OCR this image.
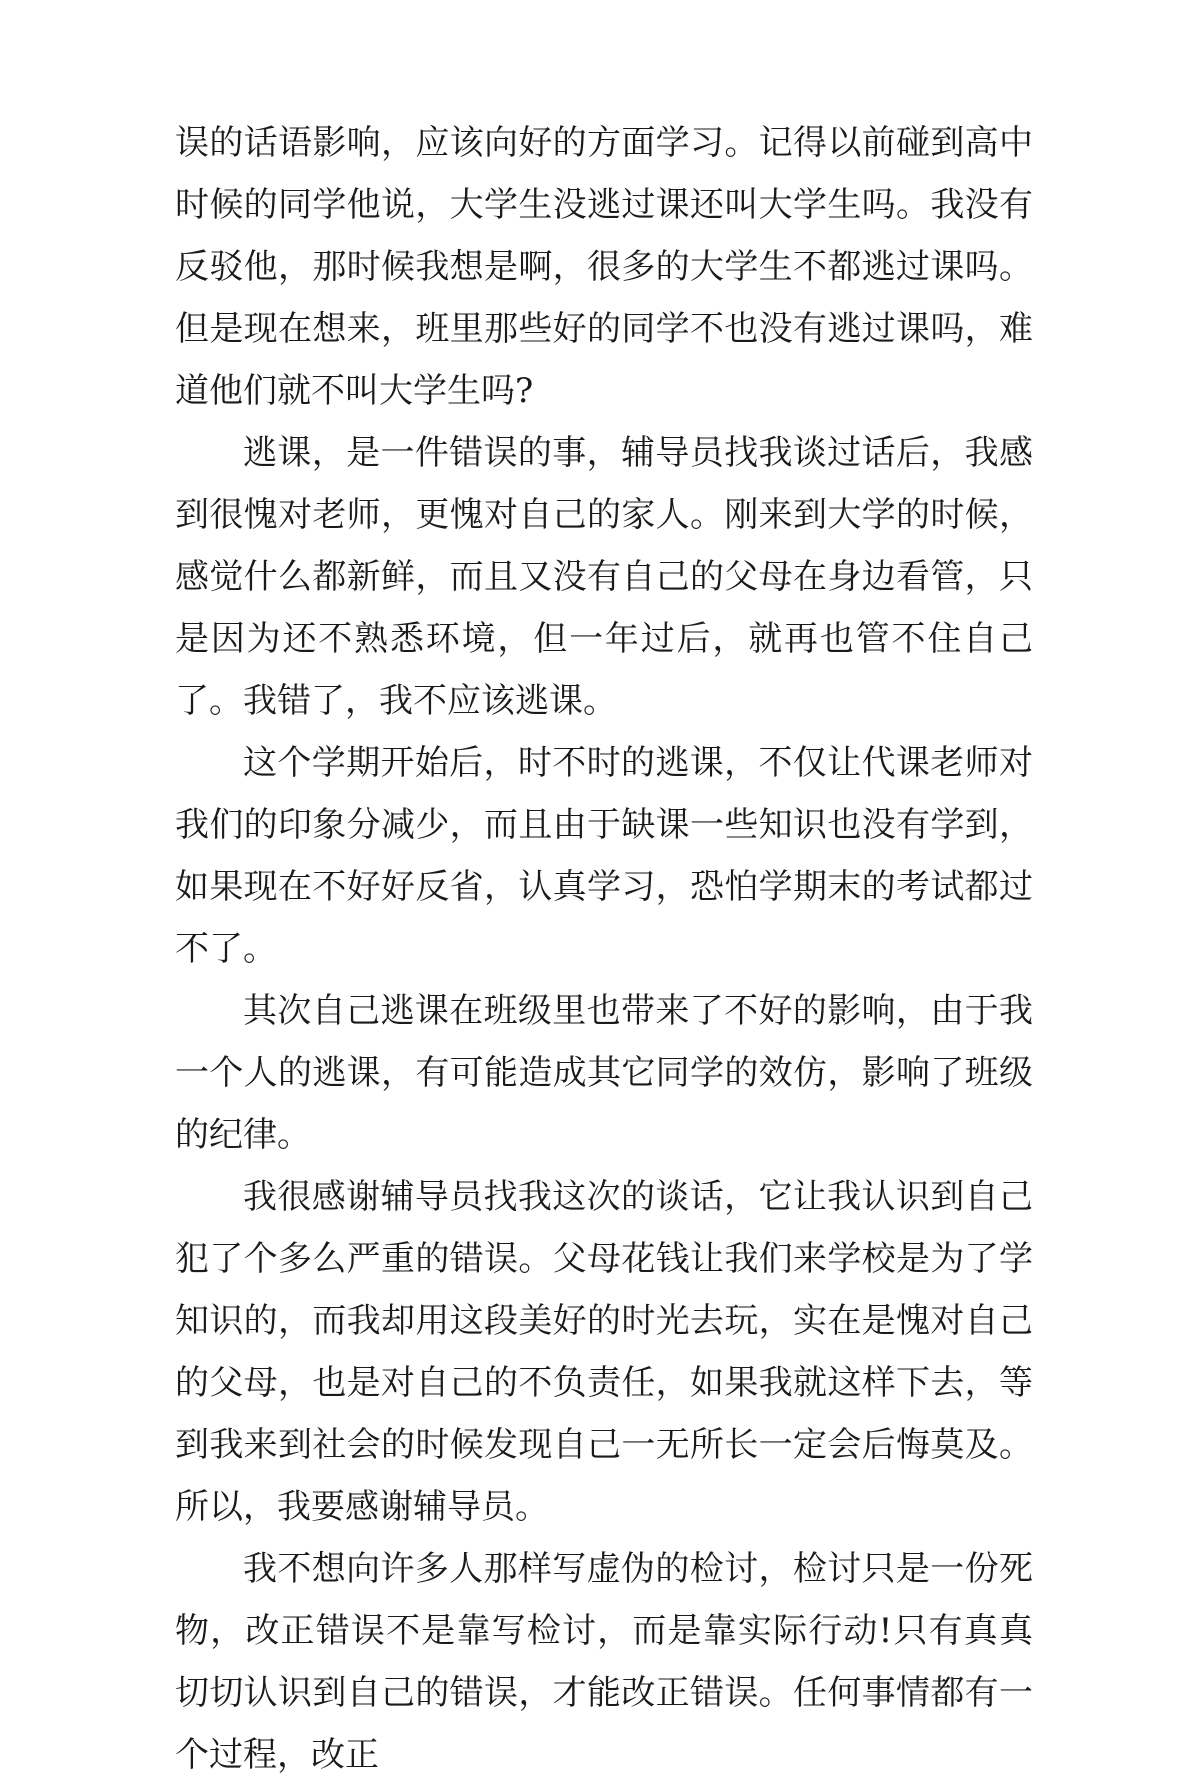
误的话语影响，应该向好的方面学习。记得以前碰到高中时候的同学他说，大学生没逃过课还叫大学生吗。我没有反驳他，那时候我想是啊，很多的大学生不都逃过课吗。但是现在想来，班里那些好的同学不也没有逃过课吗，难道他们就不叫大学生吗?

逃课，是一件错误的事，辅导员找我谈过话后，我感到很愧对老师，更愧对自己的家人。刚来到大学的时候，感觉什么都新鲜，而且又没有自己的父母在身边看管，只是因为还不熟悉环境，但一年过后，就再也管不住自己了。我错了，我不应该逃课。

这个学期开始后，时不时的逃课，不仅让代课老师对我们的印象分减少，而且由于缺课一些知识也没有学到，如果现在不好好反省，认真学习，恐怕学期末的考试都过不了。

其次自己逃课在班级里也带来了不好的影响，由于我一个人的逃课，有可能造成其它同学的效仿，影响了班级的纪律。

我很感谢辅导员找我这次的谈话，它让我认识到自己犯了个多么严重的错误。父母花钱让我们来学校是为了学知识的，而我却用这段美好的时光去玩，实在是愧对自己的父母，也是对自己的不负责任，如果我就这样下去，等到我来到社会的时候发现自己一无所长一定会后悔莫及。所以，我要感谢辅导员。

我不想向许多人那样写虚伪的检讨，检讨只是一份死物，改正错误不是靠写检讨，而是靠实际行动!只有真真切切认识到自己的错误，才能改正错误。任何事情都有一个过程，改正
